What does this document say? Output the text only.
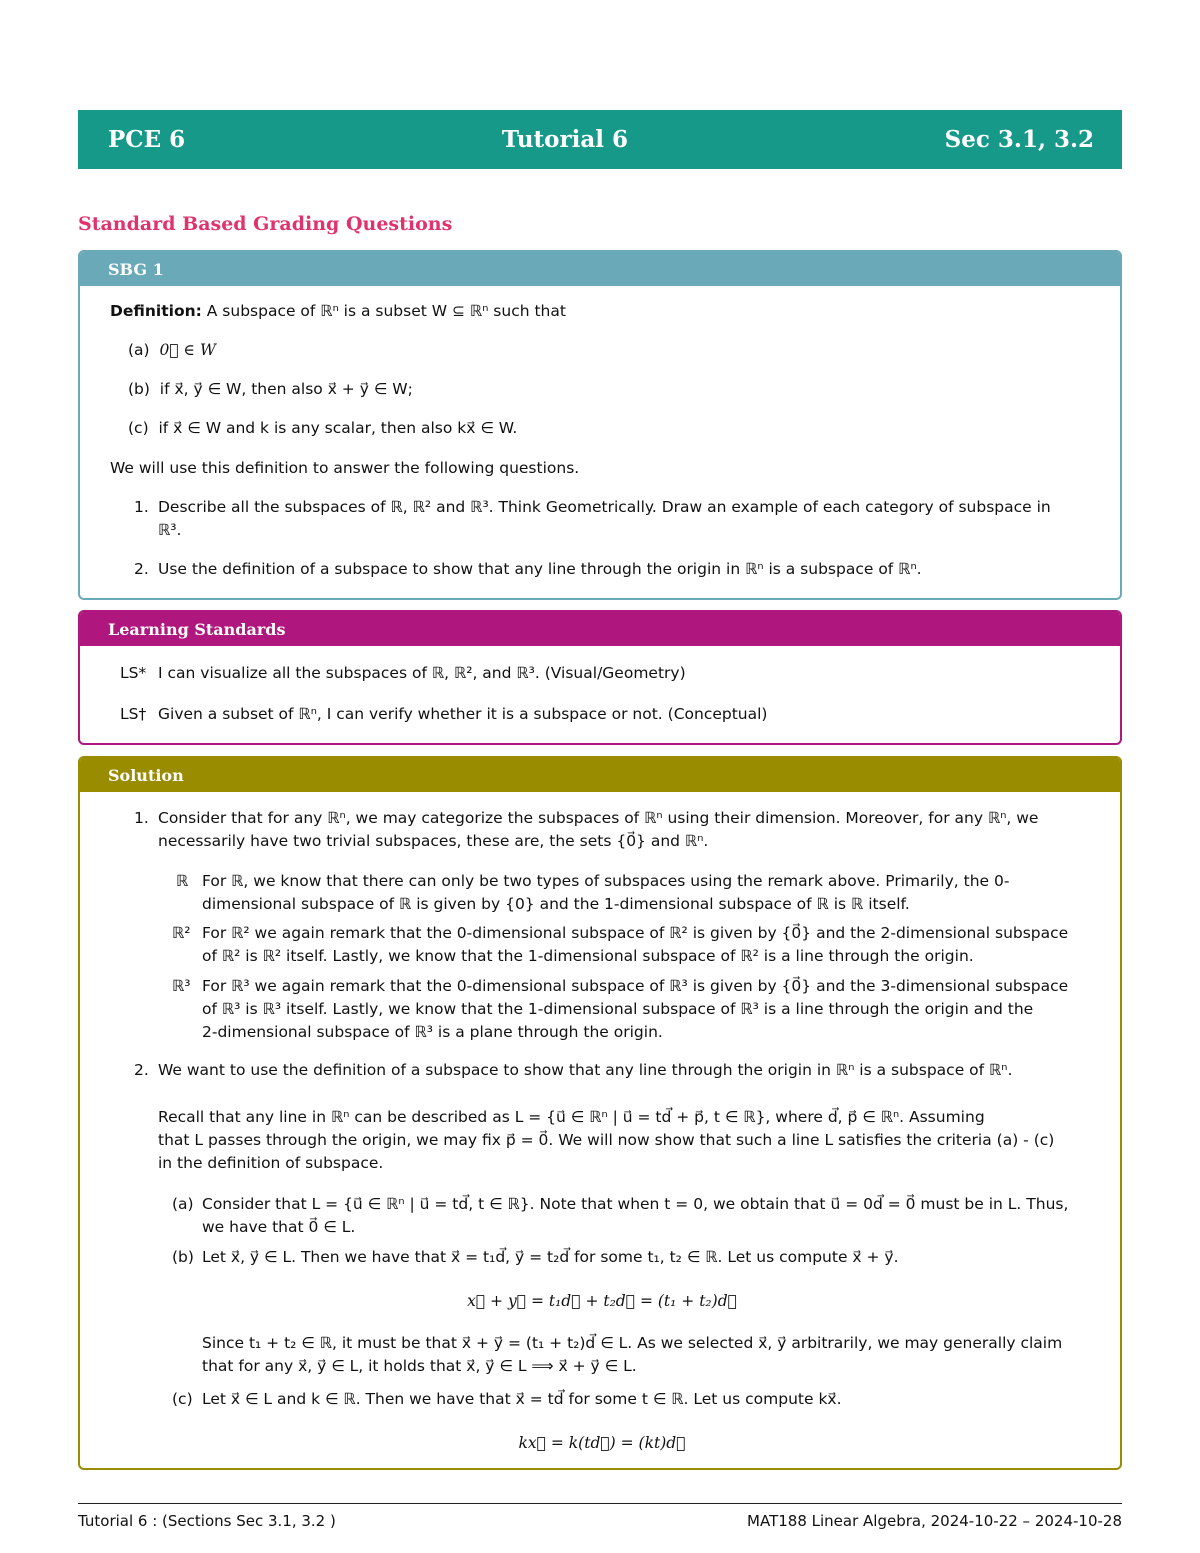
PCE 6	Tutorial 6	Sec 3.1, 3.2
Standard Based Grading Questions
SBG 1
Definition: A subspace of ℝⁿ is a subset W ⊆ ℝⁿ such that
(a) 0⃗ ∈ W
(b) if x⃗, y⃗ ∈ W, then also x⃗ + y⃗ ∈ W;
(c) if x⃗ ∈ W and k is any scalar, then also kx⃗ ∈ W.
We will use this definition to answer the following questions.
1. Describe all the subspaces of ℝ, ℝ² and ℝ³. Think Geometrically. Draw an example of each category of subspace in
ℝ³.
2. Use the definition of a subspace to show that any line through the origin in ℝⁿ is a subspace of ℝⁿ.
Learning Standards
LS* I can visualize all the subspaces of ℝ, ℝ², and ℝ³. (Visual/Geometry)
LS† Given a subset of ℝⁿ, I can verify whether it is a subspace or not. (Conceptual)
Solution
1. Consider that for any ℝⁿ, we may categorize the subspaces of ℝⁿ using their dimension. Moreover, for any ℝⁿ, we
necessarily have two trivial subspaces, these are, the sets {0⃗} and ℝⁿ.
ℝ For ℝ, we know that there can only be two types of subspaces using the remark above. Primarily, the 0-
dimensional subspace of ℝ is given by {0} and the 1-dimensional subspace of ℝ is ℝ itself.
ℝ² For ℝ² we again remark that the 0-dimensional subspace of ℝ² is given by {0⃗} and the 2-dimensional subspace
of ℝ² is ℝ² itself. Lastly, we know that the 1-dimensional subspace of ℝ² is a line through the origin.
ℝ³ For ℝ³ we again remark that the 0-dimensional subspace of ℝ³ is given by {0⃗} and the 3-dimensional subspace
of ℝ³ is ℝ³ itself. Lastly, we know that the 1-dimensional subspace of ℝ³ is a line through the origin and the
2-dimensional subspace of ℝ³ is a plane through the origin.
2. We want to use the definition of a subspace to show that any line through the origin in ℝⁿ is a subspace of ℝⁿ.
Recall that any line in ℝⁿ can be described as L = {u⃗ ∈ ℝⁿ | u⃗ = td⃗ + p⃗, t ∈ ℝ}, where d⃗, p⃗ ∈ ℝⁿ. Assuming
that L passes through the origin, we may fix p⃗ = 0⃗. We will now show that such a line L satisfies the criteria (a) - (c)
in the definition of subspace.
(a) Consider that L = {u⃗ ∈ ℝⁿ | u⃗ = td⃗, t ∈ ℝ}. Note that when t = 0, we obtain that u⃗ = 0d⃗ = 0⃗ must be in L. Thus,
we have that 0⃗ ∈ L.
(b) Let x⃗, y⃗ ∈ L. Then we have that x⃗ = t₁d⃗, y⃗ = t₂d⃗ for some t₁, t₂ ∈ ℝ. Let us compute x⃗ + y⃗.
x⃗ + y⃗ = t₁d⃗ + t₂d⃗ = (t₁ + t₂)d⃗
Since t₁ + t₂ ∈ ℝ, it must be that x⃗ + y⃗ = (t₁ + t₂)d⃗ ∈ L. As we selected x⃗, y⃗ arbitrarily, we may generally claim
that for any x⃗, y⃗ ∈ L, it holds that x⃗, y⃗ ∈ L ⟹ x⃗ + y⃗ ∈ L.
(c) Let x⃗ ∈ L and k ∈ ℝ. Then we have that x⃗ = td⃗ for some t ∈ ℝ. Let us compute kx⃗.
kx⃗ = k(td⃗) = (kt)d⃗
Tutorial 6 : (Sections Sec 3.1, 3.2 )	MAT188 Linear Algebra, 2024-10-22 – 2024-10-28
